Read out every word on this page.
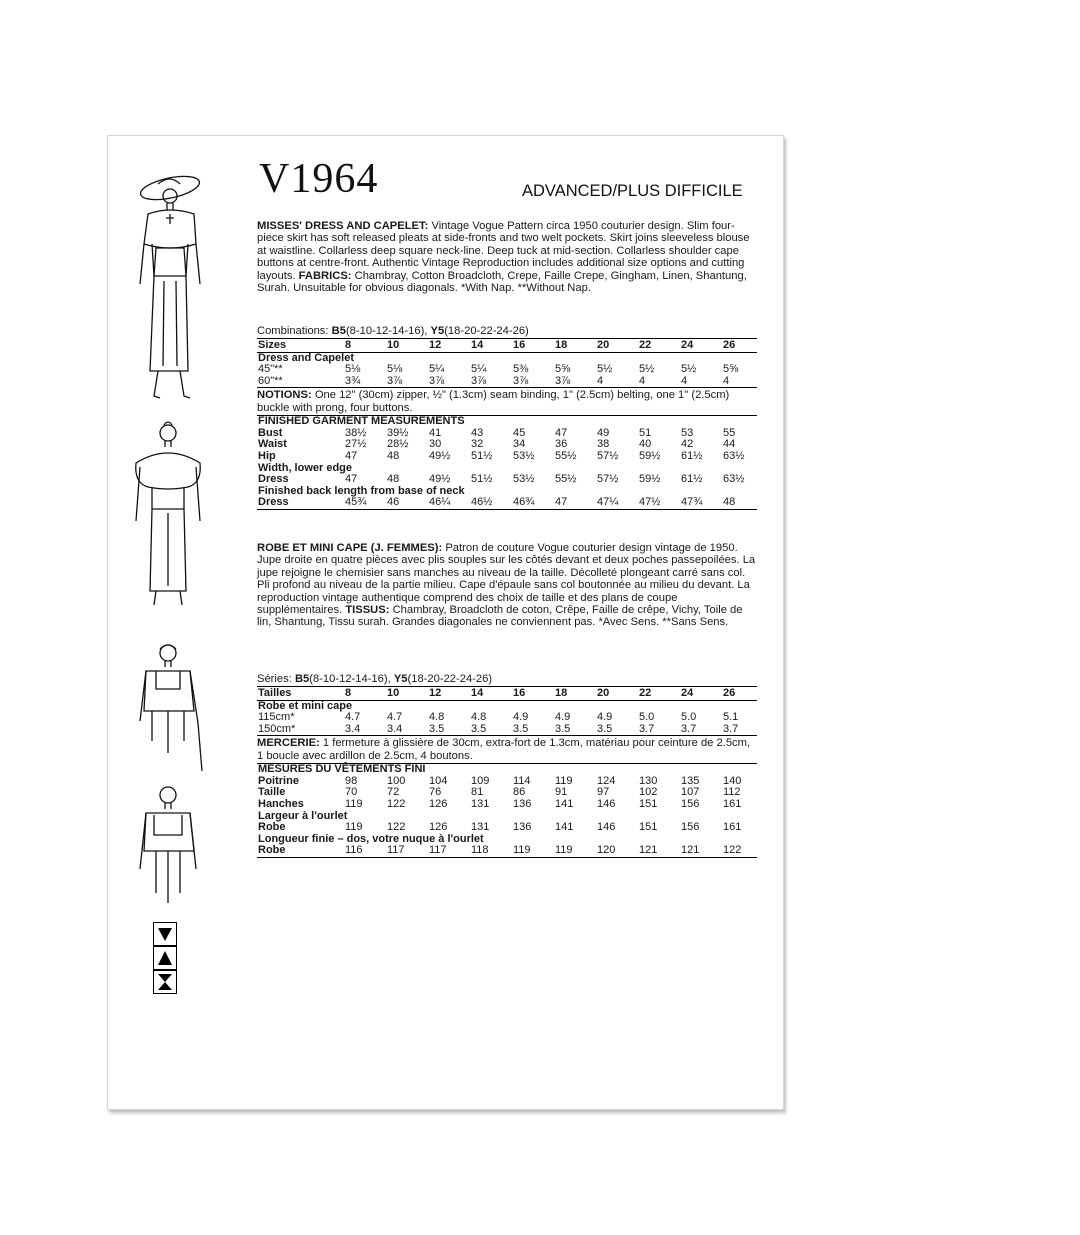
V1964	ADVANCED/PLUS DIFFICILE

MISSES' DRESS AND CAPELET: Vintage Vogue Pattern circa 1950 couturier design. Slim four-piece skirt has soft released pleats at side-fronts and two welt pockets. Skirt joins sleeveless blouse at waistline. Collarless deep square neck-line. Deep tuck at mid-section. Collarless shoulder cape buttons at centre-front. Authentic Vintage Reproduction includes additional size options and cutting layouts. FABRICS: Chambray, Cotton Broadcloth, Crepe, Faille Crepe, Gingham, Linen, Shantung, Surah. Unsuitable for obvious diagonals. *With Nap. **Without Nap.

Combinations: B5(8-10-12-14-16), Y5(18-20-22-24-26)
Sizes	8	10	12	14	16	18	20	22	24	26
Dress and Capelet
45"**	5⅛	5⅛	5¼	5¼	5⅜	5⅝	5½	5½	5½	5⅝
60"**	3¾	3⅞	3⅞	3⅞	3⅞	3⅞	4	4	4	4
NOTIONS: One 12" (30cm) zipper, ½" (1.3cm) seam binding, 1" (2.5cm) belting, one 1" (2.5cm) buckle with prong, four buttons.
FINISHED GARMENT MEASUREMENTS
Bust	38½	39½	41	43	45	47	49	51	53	55
Waist	27½	28½	30	32	34	36	38	40	42	44
Hip	47	48	49½	51½	53½	55½	57½	59½	61½	63½
Width, lower edge
Dress	47	48	49½	51½	53½	55½	57½	59½	61½	63½
Finished back length from base of neck
Dress	45¾	46	46¼	46½	46¾	47	47¼	47½	47¾	48

ROBE ET MINI CAPE (J. FEMMES): Patron de couture Vogue couturier design vintage de 1950. Jupe droite en quatre pièces avec plis souples sur les côtés devant et deux poches passepoilées. La jupe rejoigne le chemisier sans manches au niveau de la taille. Décolleté plongeant carré sans col. Pli profond au niveau de la partie milieu. Cape d'épaule sans col boutonnée au milieu du devant. La reproduction vintage authentique comprend des choix de taille et des plans de coupe supplémentaires. TISSUS: Chambray, Broadcloth de coton, Crêpe, Faille de crêpe, Vichy, Toile de lin, Shantung, Tissu surah. Grandes diagonales ne conviennent pas. *Avec Sens. **Sans Sens.

Séries: B5(8-10-12-14-16), Y5(18-20-22-24-26)
Tailles	8	10	12	14	16	18	20	22	24	26
Robe et mini cape
115cm*	4.7	4.7	4.8	4.8	4.9	4.9	4.9	5.0	5.0	5.1
150cm*	3.4	3.4	3.5	3.5	3.5	3.5	3.5	3.7	3.7	3.7
MERCERIE: 1 fermeture à glissière de 30cm, extra-fort de 1.3cm, matériau pour ceinture de 2.5cm, 1 boucle avec ardillon de 2.5cm, 4 boutons.
MESURES DU VÊTEMENTS FINI
Poitrine	98	100	104	109	114	119	124	130	135	140
Taille	70	72	76	81	86	91	97	102	107	112
Hanches	119	122	126	131	136	141	146	151	156	161
Largeur à l'ourlet
Robe	119	122	126	131	136	141	146	151	156	161
Longueur finie – dos, votre nuque à l'ourlet
Robe	116	117	117	118	119	119	120	121	121	122
